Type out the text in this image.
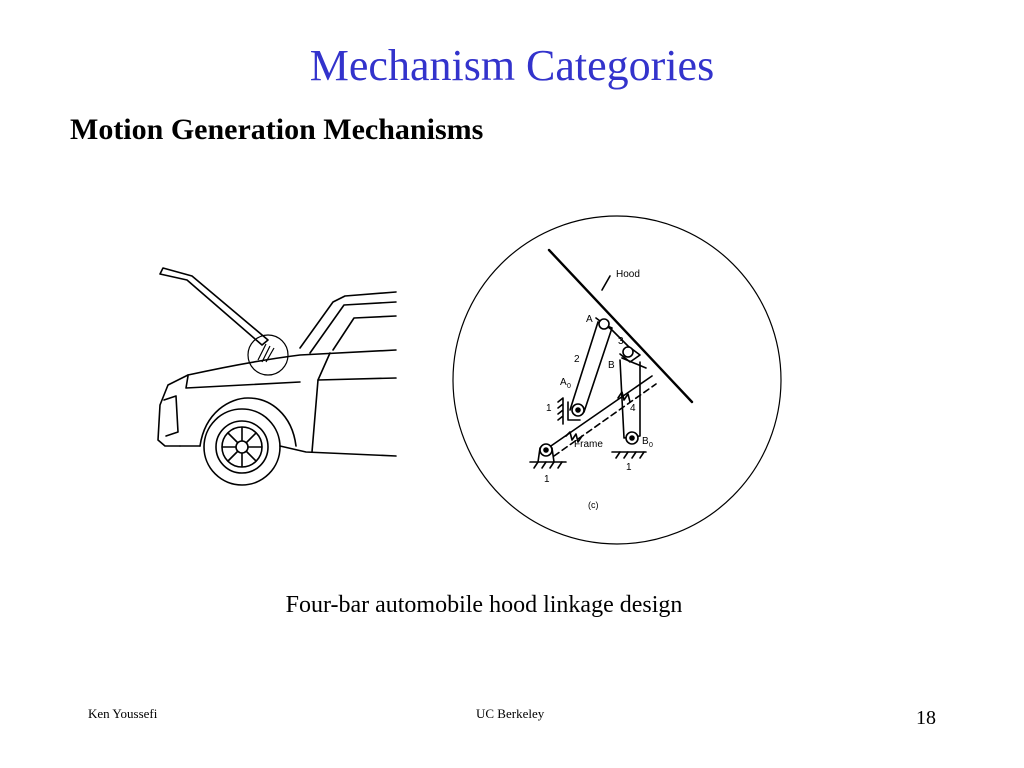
Mechanism Categories
Motion Generation Mechanisms
Hood
A
3
2
B
A 0
1	4
Frame	B 0
1
1
(c)
Four-bar automobile hood linkage design
Ken Youssefi	UC Berkeley	18
